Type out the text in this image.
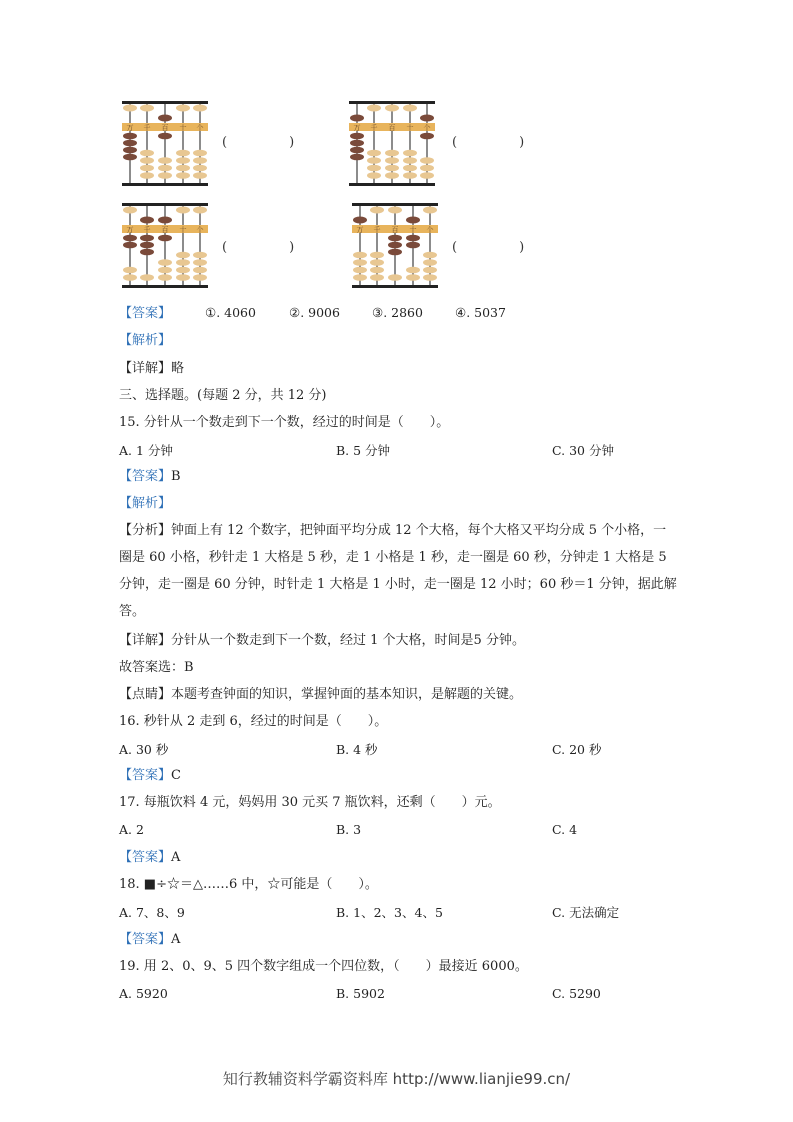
万 千 百 十 个
(	)
万 千 百 十 个
(	)
万 千 百 十 个
(	)
万 千 百 十 个
(	)
【答案】	①. 4060	②. 9006	③. 2860	④. 5037
【解析】
【详解】略
三、选择题。(每题 2 分，共 12 分)
15. 分针从一个数走到下一个数，经过的时间是（　　）。
A. 1 分钟	B. 5 分钟	C. 30 分钟
【答案】B
【解析】
【分析】钟面上有 12 个数字，把钟面平均分成 12 个大格，每个大格又平均分成 5 个小格，一圈是 60 小格，秒针走 1 大格是 5 秒，走 1 小格是 1 秒，走一圈是 60 秒，分钟走 1 大格是 5 分钟，走一圈是 60 分钟，时针走 1 大格是 1 小时，走一圈是 12 小时；60 秒＝1 分钟，据此解答。
【详解】分针从一个数走到下一个数，经过 1 个大格，时间是5 分钟。
故答案选：B
【点睛】本题考查钟面的知识，掌握钟面的基本知识，是解题的关键。
16. 秒针从 2 走到 6，经过的时间是（　　）。
A. 30 秒	B. 4 秒	C. 20 秒
【答案】C
17. 每瓶饮料 4 元，妈妈用 30 元买 7 瓶饮料，还剩（　　）元。
A. 2	B. 3	C. 4
【答案】A
18. ■÷☆＝△……6 中，☆可能是（　　）。
A. 7、8、9	B. 1、2、3、4、5	C. 无法确定
【答案】A
19. 用 2、0、9、5 四个数字组成一个四位数，（　　）最接近 6000。
A. 5920	B. 5902	C. 5290
知行教辅资料学霸资料库 http://www.lianjie99.cn/
